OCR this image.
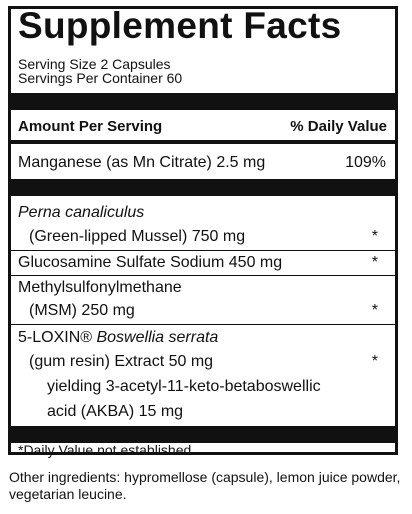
Supplement Facts
Serving Size 2 Capsules
Servings Per Container 60
Amount Per Serving	% Daily Value
Manganese (as Mn Citrate) 2.5 mg	109%
Perna canaliculus
(Green-lipped Mussel) 750 mg	*
Glucosamine Sulfate Sodium 450 mg	*
Methylsulfonylmethane
(MSM) 250 mg	*
5-LOXIN® Boswellia serrata
(gum resin) Extract 50 mg	*
yielding 3-acetyl-11-keto-betaboswellic
acid (AKBA) 15 mg
*Daily Value not established.
Other ingredients: hypromellose (capsule), lemon juice powder, vegetarian leucine.
